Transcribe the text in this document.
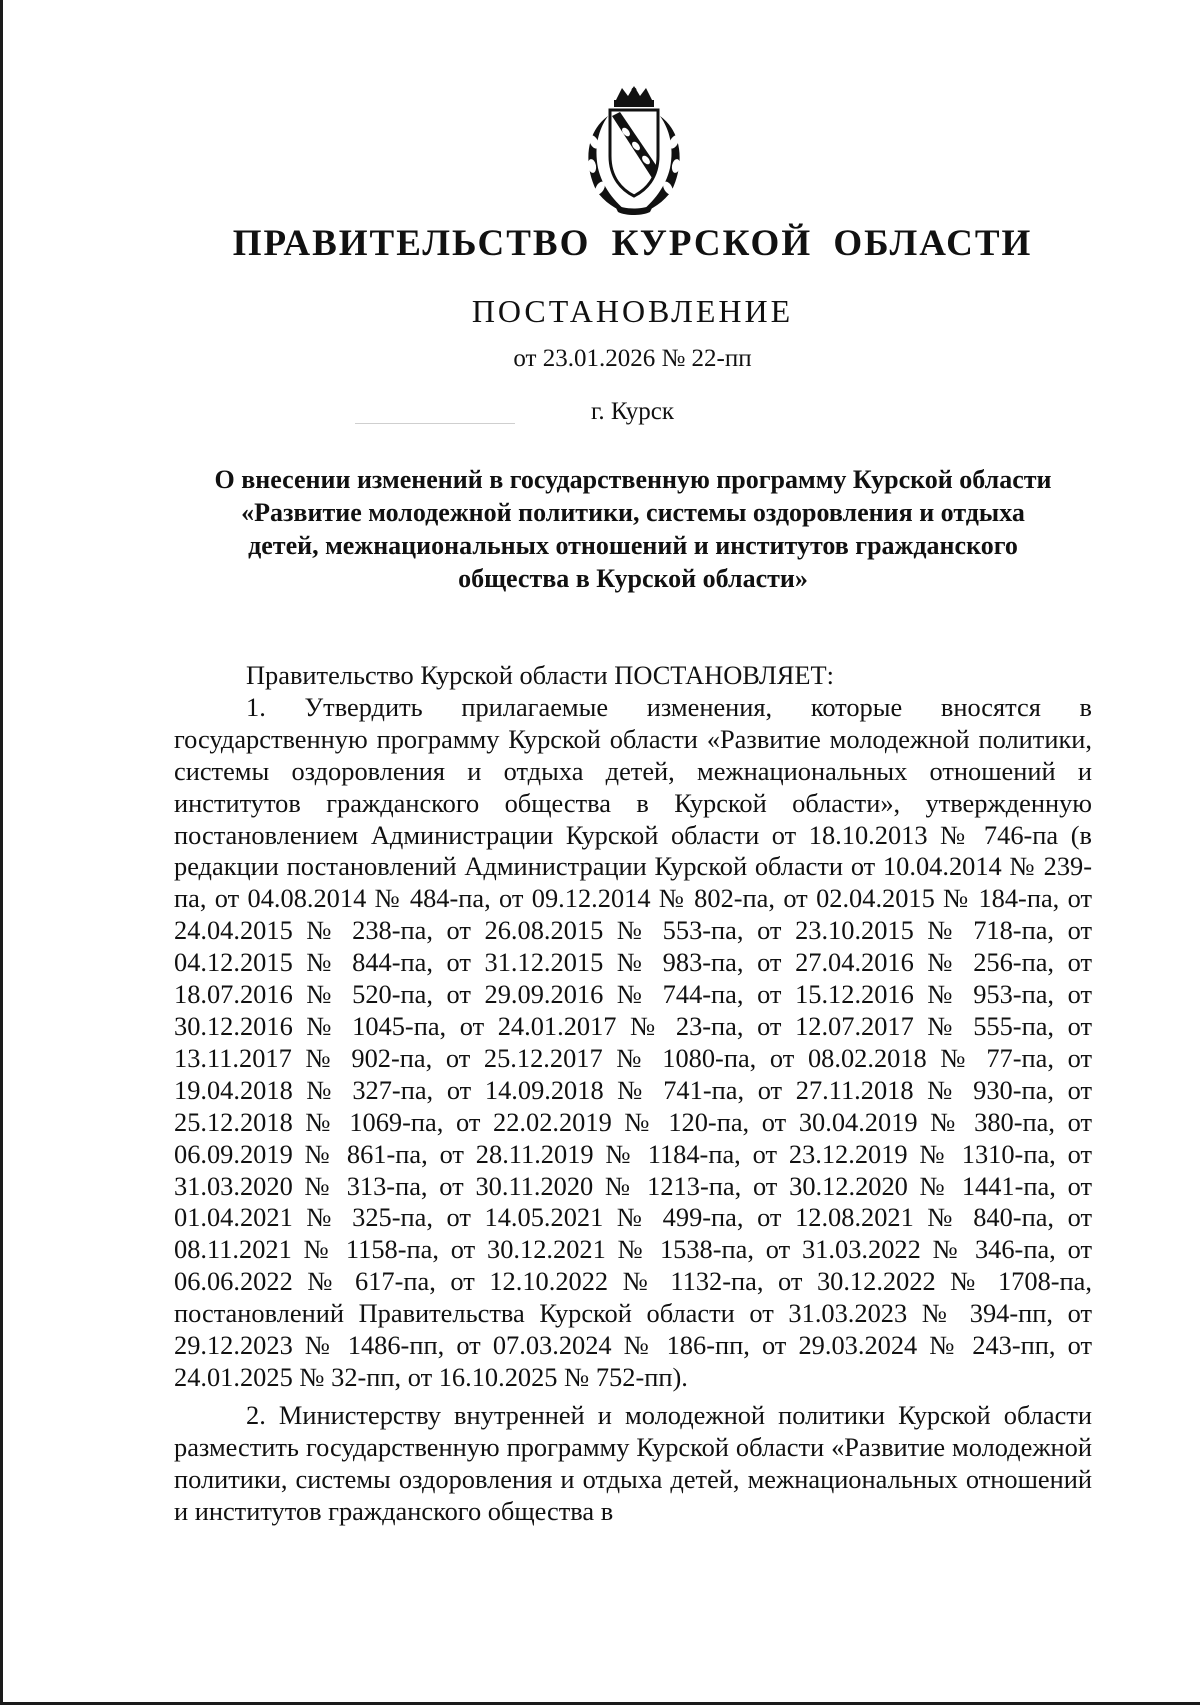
ПРАВИТЕЛЬСТВО КУРСКОЙ ОБЛАСТИ
ПОСТАНОВЛЕНИЕ
от 23.01.2026 № 22-пп
г. Курск
О внесении изменений в государственную программу Курской области
«Развитие молодежной политики, системы оздоровления и отдыха
детей, межнациональных отношений и институтов гражданского
общества в Курской области»

Правительство Курской области ПОСТАНОВЛЯЕТ:

1. Утвердить прилагаемые изменения, которые вносятся в государственную программу Курской области «Развитие молодежной политики, системы оздоровления и отдыха детей, межнациональных отношений и институтов гражданского общества в Курской области», утвержденную постановлением Администрации Курской области от 18.10.2013 № 746-па (в редакции постановлений Администрации Курской области от 10.04.2014 № 239-па, от 04.08.2014 № 484-па, от 09.12.2014 № 802-па, от 02.04.2015 № 184-па, от 24.04.2015 № 238-па, от 26.08.2015 № 553-па, от 23.10.2015 № 718-па, от 04.12.2015 № 844-па, от 31.12.2015 № 983-па, от 27.04.2016 № 256-па, от 18.07.2016 № 520-па, от 29.09.2016 № 744-па, от 15.12.2016 № 953-па, от 30.12.2016 № 1045-па, от 24.01.2017 № 23-па, от 12.07.2017 № 555-па, от 13.11.2017 № 902-па, от 25.12.2017 № 1080-па, от 08.02.2018 № 77-па, от 19.04.2018 № 327-па, от 14.09.2018 № 741-па, от 27.11.2018 № 930-па, от 25.12.2018 № 1069-па, от 22.02.2019 № 120-па, от 30.04.2019 № 380-па, от 06.09.2019 № 861-па, от 28.11.2019 № 1184-па, от 23.12.2019 № 1310-па, от 31.03.2020 № 313-па, от 30.11.2020 № 1213-па, от 30.12.2020 № 1441-па, от 01.04.2021 № 325-па, от 14.05.2021 № 499-па, от 12.08.2021 № 840-па, от 08.11.2021 № 1158-па, от 30.12.2021 № 1538-па, от 31.03.2022 № 346-па, от 06.06.2022 № 617-па, от 12.10.2022 № 1132-па, от 30.12.2022 № 1708-па, постановлений Правительства Курской области от 31.03.2023 № 394-пп, от 29.12.2023 № 1486-пп, от 07.03.2024 № 186-пп, от 29.03.2024 № 243-пп, от 24.01.2025 № 32-пп, от 16.10.2025 № 752-пп).

2. Министерству внутренней и молодежной политики Курской области разместить государственную программу Курской области «Развитие молодежной политики, системы оздоровления и отдыха детей, межнациональных отношений и институтов гражданского общества в
